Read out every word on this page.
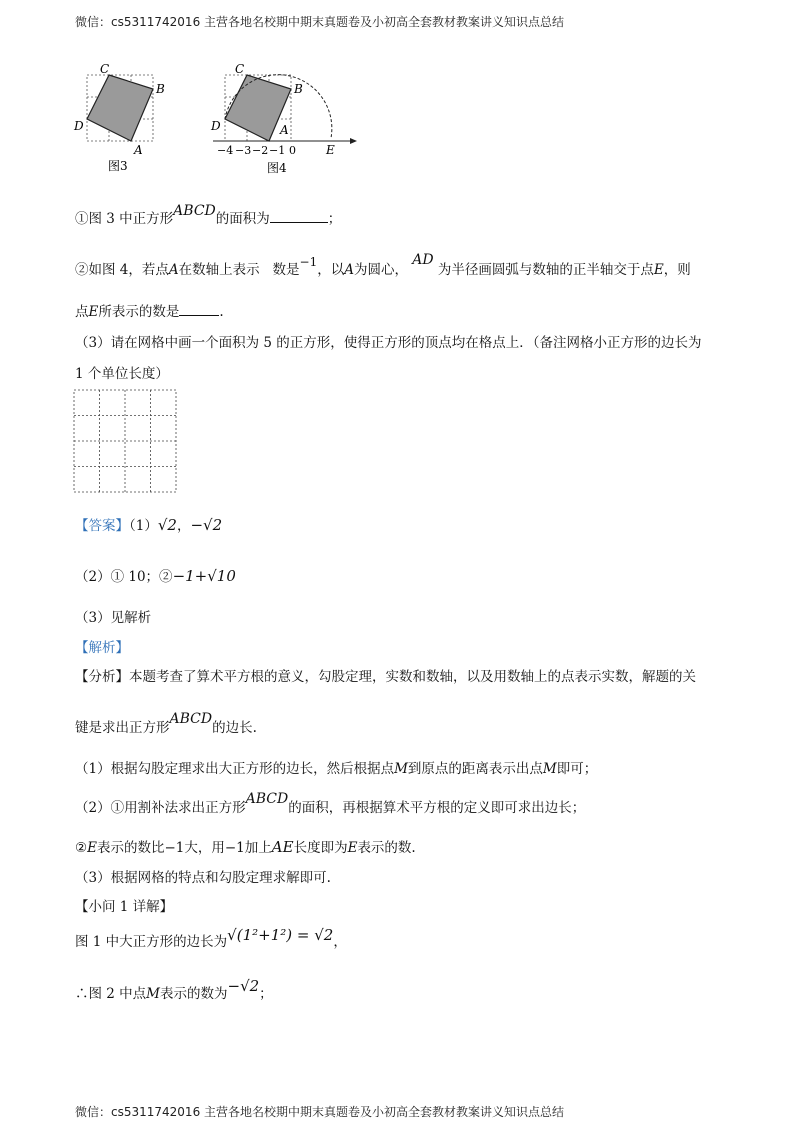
微信：cs5311742016 主营各地名校期中期末真题卷及小初高全套教材教案讲义知识点总结
C
B
D
A
图3
C
B
D	A
E
−4 −3 −2 −1 0
图4
①图 3 中正方形ABCD的面积为	；
②如图 4，若点A在数轴上表示 数是−1，以A为圆心， AD 为半径画圆弧与数轴的正半轴交于点E，则
点E所表示的数是	.
（3）请在网格中画一个面积为 5 的正方形，使得正方形的顶点均在格点上．（备注网格小正方形的边长为
1 个单位长度）
【答案】（1）√2，−√2
（2）① 10；②−1+√10
（3）见解析
【解析】
【分析】本题考查了算术平方根的意义，勾股定理，实数和数轴，以及用数轴上的点表示实数，解题的关
键是求出正方形ABCD的边长.
（1）根据勾股定理求出大正方形的边长，然后根据点M到原点的距离表示出点M即可；
（2）①用割补法求出正方形ABCD的面积，再根据算术平方根的定义即可求出边长；
②E表示的数比−1大，用−1加上AE长度即为E表示的数.
（3）根据网格的特点和勾股定理求解即可.
【小问 1 详解】
图 1 中大正方形的边长为√(1²+1²) = √2，
∴图 2 中点M表示的数为−√2；
微信：cs5311742016 主营各地名校期中期末真题卷及小初高全套教材教案讲义知识点总结
